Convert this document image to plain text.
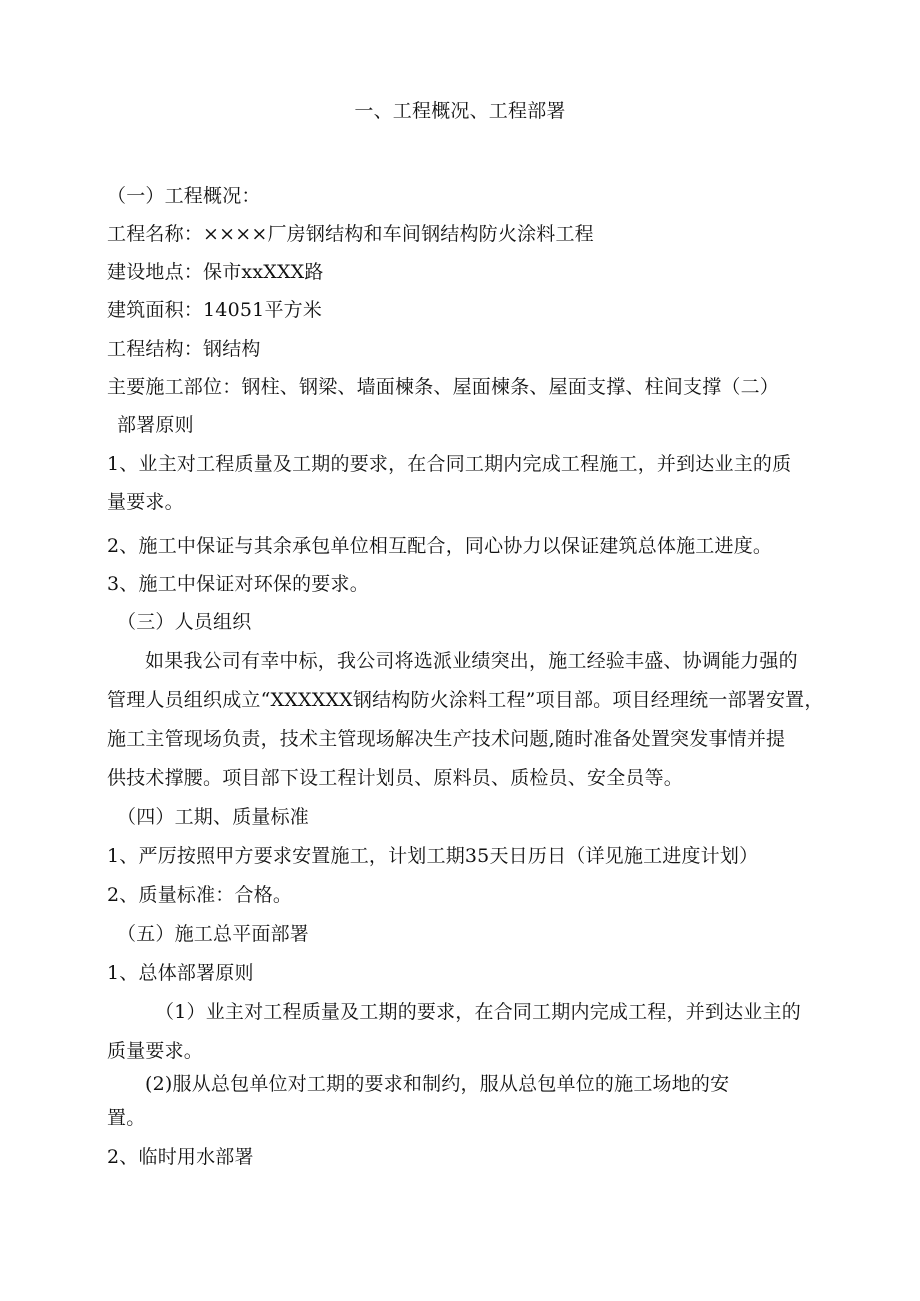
一、工程概况、工程部署
（一）工程概况：
工程名称：××××厂房钢结构和车间钢结构防火涂料工程
建设地点：保市xxXXX路
建筑面积：14051平方米
工程结构：钢结构
主要施工部位：钢柱、钢梁、墙面楝条、屋面楝条、屋面支撑、柱间支撑（二）
部署原则
1、业主对工程质量及工期的要求，在合同工期内完成工程施工，并到达业主的质
量要求。
2、施工中保证与其余承包单位相互配合，同心协力以保证建筑总体施工进度。
3、施工中保证对环保的要求。
（三）人员组织
如果我公司有幸中标，我公司将选派业绩突出，施工经验丰盛、协调能力强的
管理人员组织成立“XXXXXX钢结构防火涂料工程”项目部。项目经理统一部署安置，
施工主管现场负责，技术主管现场解决生产技术问题,随时准备处置突发事情并提
供技术撑腰。项目部下设工程计划员、原料员、质检员、安全员等。
（四）工期、质量标准
1、严厉按照甲方要求安置施工，计划工期35天日历日（详见施工进度计划）
2、质量标准：合格。
（五）施工总平面部署
1、总体部署原则
（1）业主对工程质量及工期的要求，在合同工期内完成工程，并到达业主的
质量要求。
(2)服从总包单位对工期的要求和制约，服从总包单位的施工场地的安
置。
2、临时用水部署
